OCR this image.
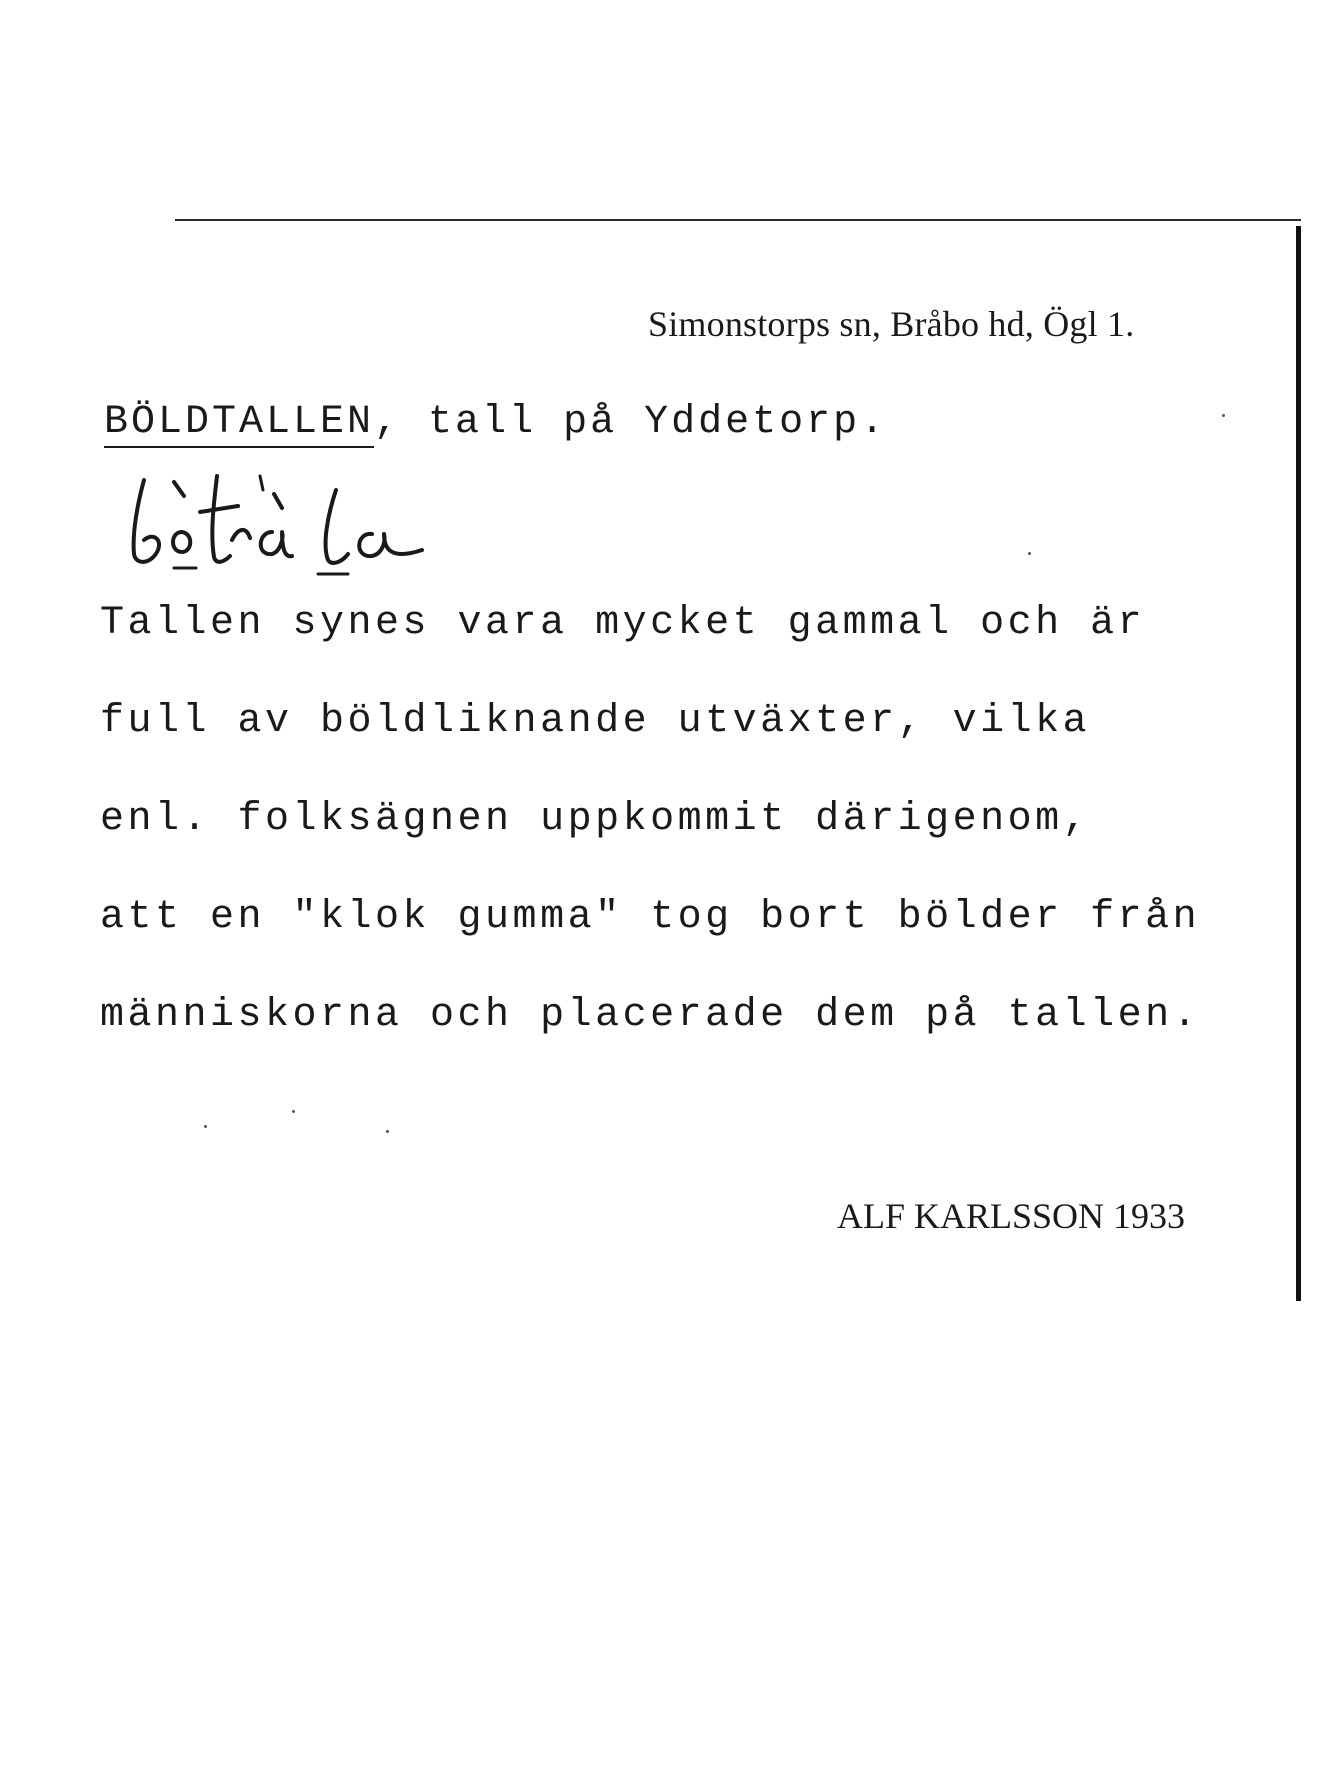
Simonstorps sn, Bråbo hd, Ögl 1.
BÖLDTALLEN, tall på Yddetorp.
Tallen synes vara mycket gammal och är
full av böldliknande utväxter, vilka
enl. folksägnen uppkommit därigenom,
att en "klok gumma" tog bort bölder från
människorna och placerade dem på tallen.
ALF KARLSSON 1933
